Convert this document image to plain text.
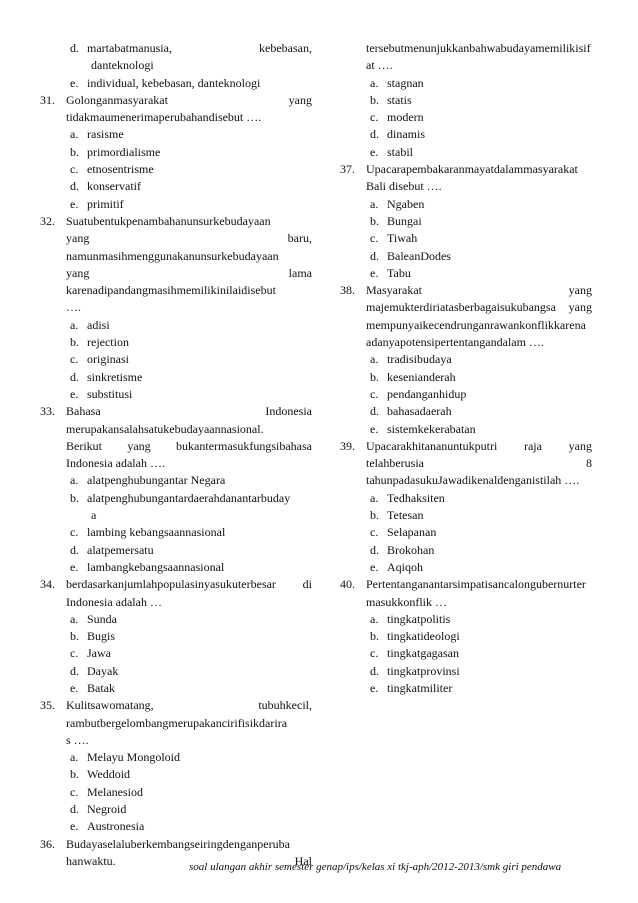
d. martabatmanusia, kebebasan,
danteknologi
e. individual, kebebasan, danteknologi
31. Golonganmasyarakat yang
tidakmaumenerimaperubahandisebut ….
a. rasisme
b. primordialisme
c. etnosentrisme
d. konservatif
e. primitif
32. Suatubentukpenambahanunsurkebudayaan
yang baru,
namunmasihmenggunakanunsurkebudayaan
yang lama
karenadipandangmasihmemilikinilaidisebut
….
a. adisi
b. rejection
c. originasi
d. sinkretisme
e. substitusi
33. Bahasa Indonesia
merupakansalahsatukebudayaannasional.
Berikut yang bukantermasukfungsibahasa
Indonesia adalah ….
a. alatpenghubungantar Negara
b. alatpenghubungantardaerahdanantarbuday
a
c. lambing kebangsaannasional
d. alatpemersatu
e. lambangkebangsaannasional
34. berdasarkanjumlahpopulasinyasukuterbesar di
Indonesia adalah …
a. Sunda
b. Bugis
c. Jawa
d. Dayak
e. Batak
35. Kulitsawomatang, tubuhkecil,
rambutbergelombangmerupakancirifisikdarira
s ….
a. Melayu Mongoloid
b. Weddoid
c. Melanesiod
d. Negroid
e. Austronesia
36. Budayaselaluberkembangseiringdenganperuba
hanwaktu. Hal
tersebutmenunjukkanbahwabudayamemilikisif
at ….
a. stagnan
b. statis
c. modern
d. dinamis
e. stabil
37. Upacarapembakaranmayatdalammasyarakat
Bali disebut ….
a. Ngaben
b. Bungai
c. Tiwah
d. BaleanDodes
e. Tabu
38. Masyarakat yang
majemukterdiriatasberbagaisukubangsa yang
mempunyaikecendrunganrawankonflikkarena
adanyapotensipertentangandalam ….
a. tradisibudaya
b. kesenianderah
c. pendanganhidup
d. bahasadaerah
e. sistemkekerabatan
39. Upacarakhitananuntukputri raja yang
telahberusia 8
tahunpadasukuJawadikenaldenganistilah ….
a. Tedhaksiten
b. Tetesan
c. Selapanan
d. Brokohan
e. Aqiqoh
40. Pertentanganantarsimpatisancalongubernurter
masukkonflik …
a. tingkatpolitis
b. tingkatideologi
c. tingkatgagasan
d. tingkatprovinsi
e. tingkatmiliter
soal ulangan akhir semester genap/ips/kelas xi tkj-aph/2012-2013/smk giri pendawa
